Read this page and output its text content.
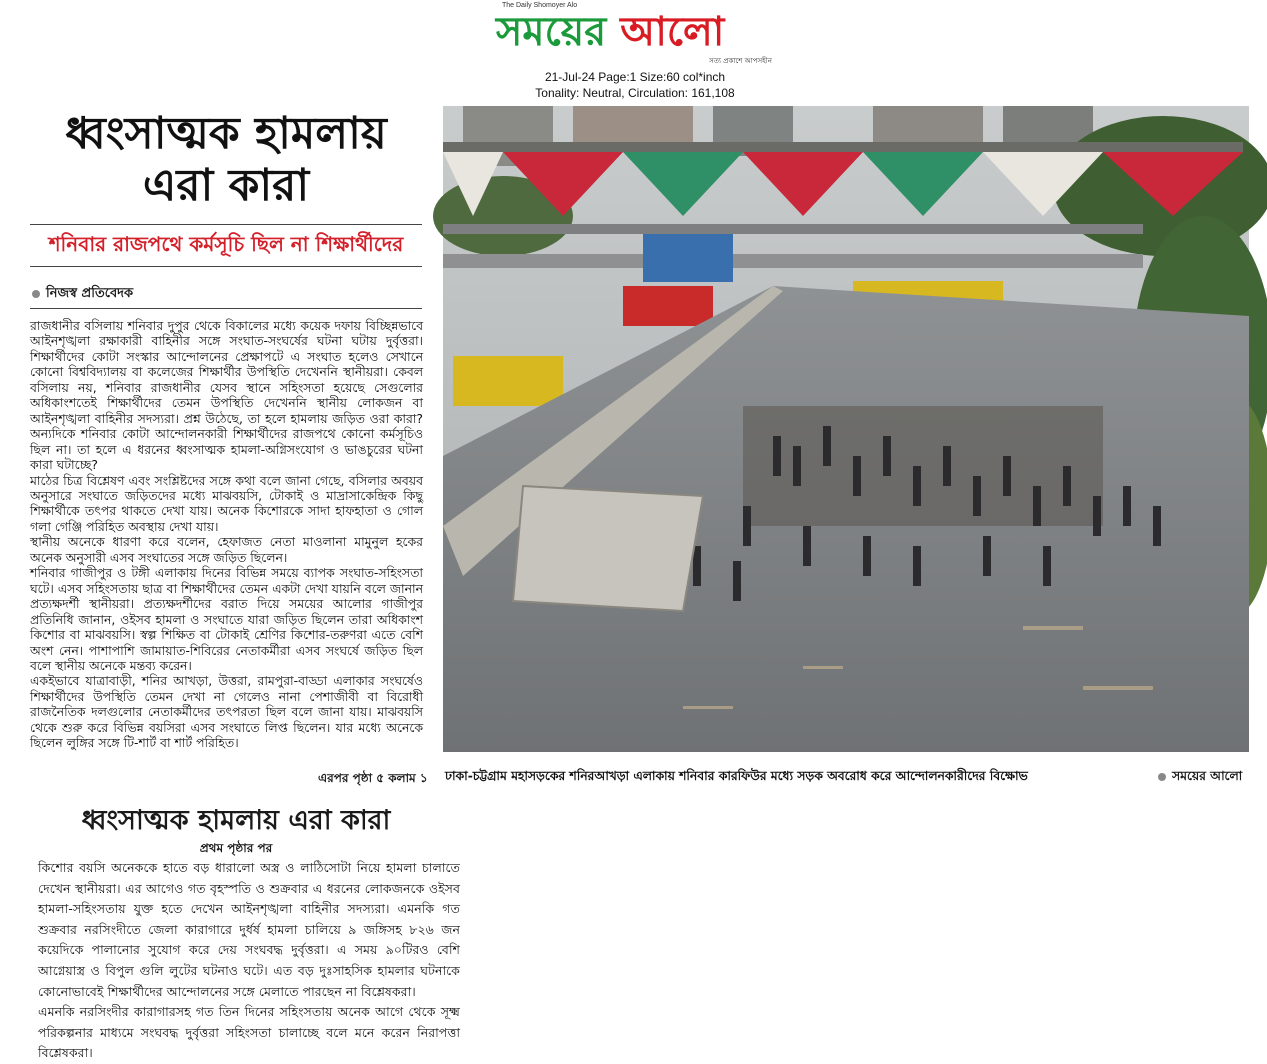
The Daily Shomoyer Alo
সময়ের আলো
সত্য প্রকাশে আপসহীন
21-Jul-24 Page:1 Size:60 col*inch
Tonality: Neutral, Circulation: 161,108
ধ্বংসাত্মক হামলায়
এরা কারা
শনিবার রাজপথে কর্মসূচি ছিল না শিক্ষার্থীদের
নিজস্ব প্রতিবেদক

রাজধানীর বসিলায় শনিবার দুপুর থেকে বিকালের মধ্যে কয়েক দফায় বিচ্ছিন্নভাবে আইনশৃঙ্খলা রক্ষাকারী বাহিনীর সঙ্গে সংঘাত-সংঘর্ষের ঘটনা ঘটায় দুর্বৃত্তরা। শিক্ষার্থীদের কোটা সংস্কার আন্দোলনের প্রেক্ষাপটে এ সংঘাত হলেও সেখানে কোনো বিশ্ববিদ্যালয় বা কলেজের শিক্ষার্থীর উপস্থিতি দেখেননি স্থানীয়রা। কেবল বসিলায় নয়, শনিবার রাজধানীর যেসব স্থানে সহিংসতা হয়েছে সেগুলোর অধিকাংশতেই শিক্ষার্থীদের তেমন উপস্থিতি দেখেননি স্থানীয় লোকজন বা আইনশৃঙ্খলা বাহিনীর সদস্যরা। প্রশ্ন উঠেছে, তা হলে হামলায় জড়িত ওরা কারা? অন্যদিকে শনিবার কোটা আন্দোলনকারী শিক্ষার্থীদের রাজপথে কোনো কর্মসূচিও ছিল না। তা হলে এ ধরনের ধ্বংসাত্মক হামলা-অগ্নিসংযোগ ও ভাঙচুরের ঘটনা কারা ঘটাচ্ছে?

মাঠের চিত্র বিশ্লেষণ এবং সংশ্লিষ্টদের সঙ্গে কথা বলে জানা গেছে, বসিলার অবয়ব অনুসারে সংঘাতে জড়িতদের মধ্যে মাঝবয়সি, টোকাই ও মাদ্রাসাকেন্দ্রিক কিছু শিক্ষার্থীকে তৎপর থাকতে দেখা যায়। অনেক কিশোরকে সাদা হাফহাতা ও গোল গলা গেঞ্জি পরিহিত অবস্থায় দেখা যায়।

স্থানীয় অনেকে ধারণা করে বলেন, হেফাজত নেতা মাওলানা মামুনুল হকের অনেক অনুসারী এসব সংঘাতের সঙ্গে জড়িত ছিলেন।

শনিবার গাজীপুর ও টঙ্গী এলাকায় দিনের বিভিন্ন সময়ে ব্যাপক সংঘাত-সহিংসতা ঘটে। এসব সহিংসতায় ছাত্র বা শিক্ষার্থীদের তেমন একটা দেখা যায়নি বলে জানান প্রত্যক্ষদর্শী স্থানীয়রা। প্রত্যক্ষদর্শীদের বরাত দিয়ে সময়ের আলোর গাজীপুর প্রতিনিধি জানান, ওইসব হামলা ও সংঘাতে যারা জড়িত ছিলেন তারা অধিকাংশ কিশোর বা মাঝবয়সি। স্বল্প শিক্ষিত বা টোকাই শ্রেণির কিশোর-তরুণরা এতে বেশি অংশ নেন। পাশাপাশি জামায়াত-শিবিরের নেতাকর্মীরা এসব সংঘর্ষে জড়িত ছিল বলে স্থানীয় অনেকে মন্তব্য করেন।

একইভাবে যাত্রাবাড়ী, শনির আখড়া, উত্তরা, রামপুরা-বাড্ডা এলাকার সংঘর্ষেও শিক্ষার্থীদের উপস্থিতি তেমন দেখা না গেলেও নানা পেশাজীবী বা বিরোধী রাজনৈতিক দলগুলোর নেতাকর্মীদের তৎপরতা ছিল বলে জানা যায়। মাঝবয়সি থেকে শুরু করে বিভিন্ন বয়সিরা এসব সংঘাতে লিপ্ত ছিলেন। যার মধ্যে অনেকে ছিলেন লুঙ্গির সঙ্গে টি-শার্ট বা শার্ট পরিহিত।

এরপর পৃষ্ঠা ৫ কলাম ১ ঢাকা-চট্টগ্রাম মহাসড়কের শনিরআখড়া এলাকায় শনিবার কারফিউর মধ্যে সড়ক অবরোধ করে আন্দোলনকারীদের বিক্ষোভ	সময়ের আলো
ধ্বংসাত্মক হামলায় এরা কারা
প্রথম পৃষ্ঠার পর

কিশোর বয়সি অনেককে হাতে বড় ধারালো অস্ত্র ও লাঠিসোটা নিয়ে হামলা চালাতে দেখেন স্থানীয়রা। এর আগেও গত বৃহস্পতি ও শুক্রবার এ ধরনের লোকজনকে ওইসব হামলা-সহিংসতায় যুক্ত হতে দেখেন আইনশৃঙ্খলা বাহিনীর সদস্যরা। এমনকি গত শুক্রবার নরসিংদীতে জেলা কারাগারে দুর্ধর্ষ হামলা চালিয়ে ৯ জঙ্গিসহ ৮২৬ জন কয়েদিকে পালানোর সুযোগ করে দেয় সংঘবদ্ধ দুর্বৃত্তরা। এ সময় ৯০টিরও বেশি আগ্নেয়াস্ত্র ও বিপুল গুলি লুটের ঘটনাও ঘটে। এত বড় দুঃসাহসিক হামলার ঘটনাকে কোনোভাবেই শিক্ষার্থীদের আন্দোলনের সঙ্গে মেলাতে পারছেন না বিশ্লেষকরা।

এমনকি নরসিংদীর কারাগারসহ গত তিন দিনের সহিংসতায় অনেক আগে থেকে সূক্ষ্ম পরিকল্পনার মাধ্যমে সংঘবদ্ধ দুর্বৃত্তরা সহিংসতা চালাচ্ছে বলে মনে করেন নিরাপত্তা বিশ্লেষকরা।
